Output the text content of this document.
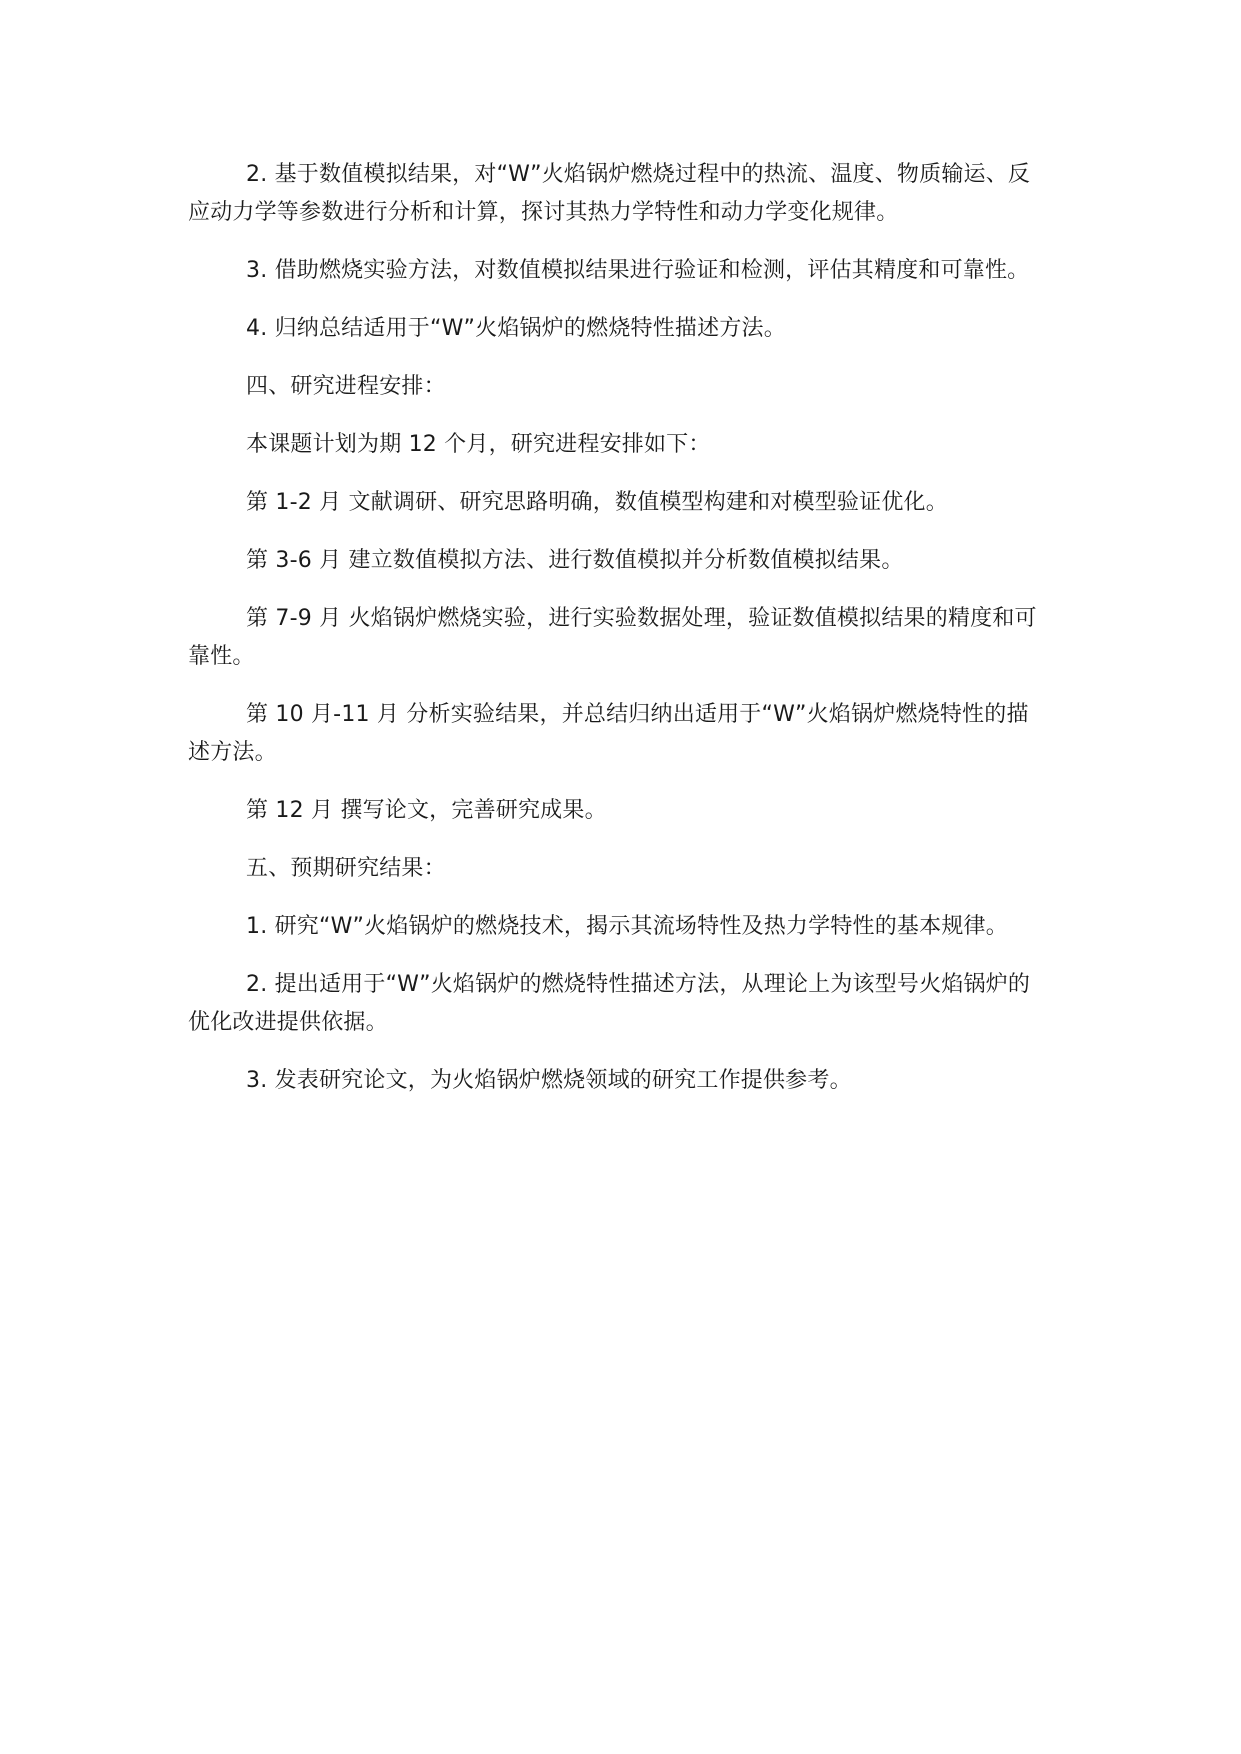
2. 基于数值模拟结果，对“W”火焰锅炉燃烧过程中的热流、温度、物质输运、反应动力学等参数进行分析和计算，探讨其热力学特性和动力学变化规律。

3. 借助燃烧实验方法，对数值模拟结果进行验证和检测，评估其精度和可靠性。

4. 归纳总结适用于“W”火焰锅炉的燃烧特性描述方法。

四、研究进程安排：

本课题计划为期 12 个月，研究进程安排如下：

第 1-2 月 文献调研、研究思路明确，数值模型构建和对模型验证优化。

第 3-6 月 建立数值模拟方法、进行数值模拟并分析数值模拟结果。

第 7-9 月 火焰锅炉燃烧实验，进行实验数据处理，验证数值模拟结果的精度和可靠性。

第 10 月-11 月 分析实验结果，并总结归纳出适用于“W”火焰锅炉燃烧特性的描述方法。

第 12 月 撰写论文，完善研究成果。

五、预期研究结果：

1. 研究“W”火焰锅炉的燃烧技术，揭示其流场特性及热力学特性的基本规律。

2. 提出适用于“W”火焰锅炉的燃烧特性描述方法，从理论上为该型号火焰锅炉的优化改进提供依据。

3. 发表研究论文，为火焰锅炉燃烧领域的研究工作提供参考。
